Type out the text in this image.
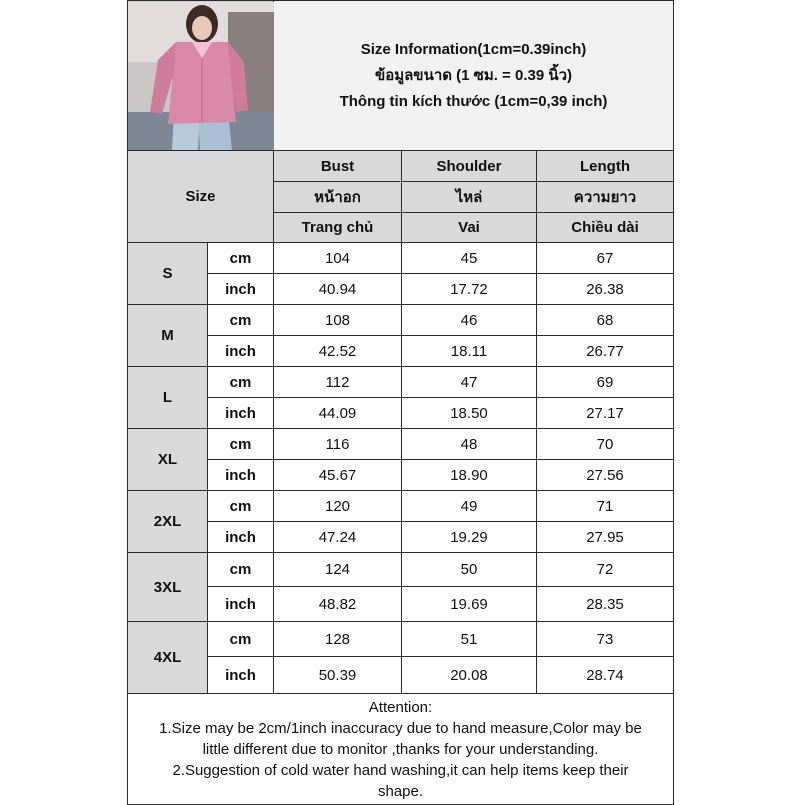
Size Information(1cm=0.39inch)
ข้อมูลขนาด (1 ซม. = 0.39 นิ้ว)
Thông tin kích thước (1cm=0,39 inch)		

Size		Bust	Shoulder	Length
		หน้าอก	ไหล่	ความยาว
		Trang chủ	Vai	Chiều dài
S	cm	104	45	67
	inch	40.94	17.72	26.38
M	cm	108	46	68
	inch	42.52	18.11	26.77
L	cm	112	47	69
	inch	44.09	18.50	27.17
XL	cm	116	48	70
	inch	45.67	18.90	27.56
2XL	cm	120	49	71
	inch	47.24	19.29	27.95
3XL	cm	124	50	72
	inch	48.82	19.69	28.35
4XL	cm	128	51	73
	inch	50.39	20.08	28.74

Attention:
1.Size may be 2cm/1inch inaccuracy due to hand measure,Color may be
little different due to monitor ,thanks for your understanding.
2.Suggestion of cold water hand washing,it can help items keep their
shape.				
